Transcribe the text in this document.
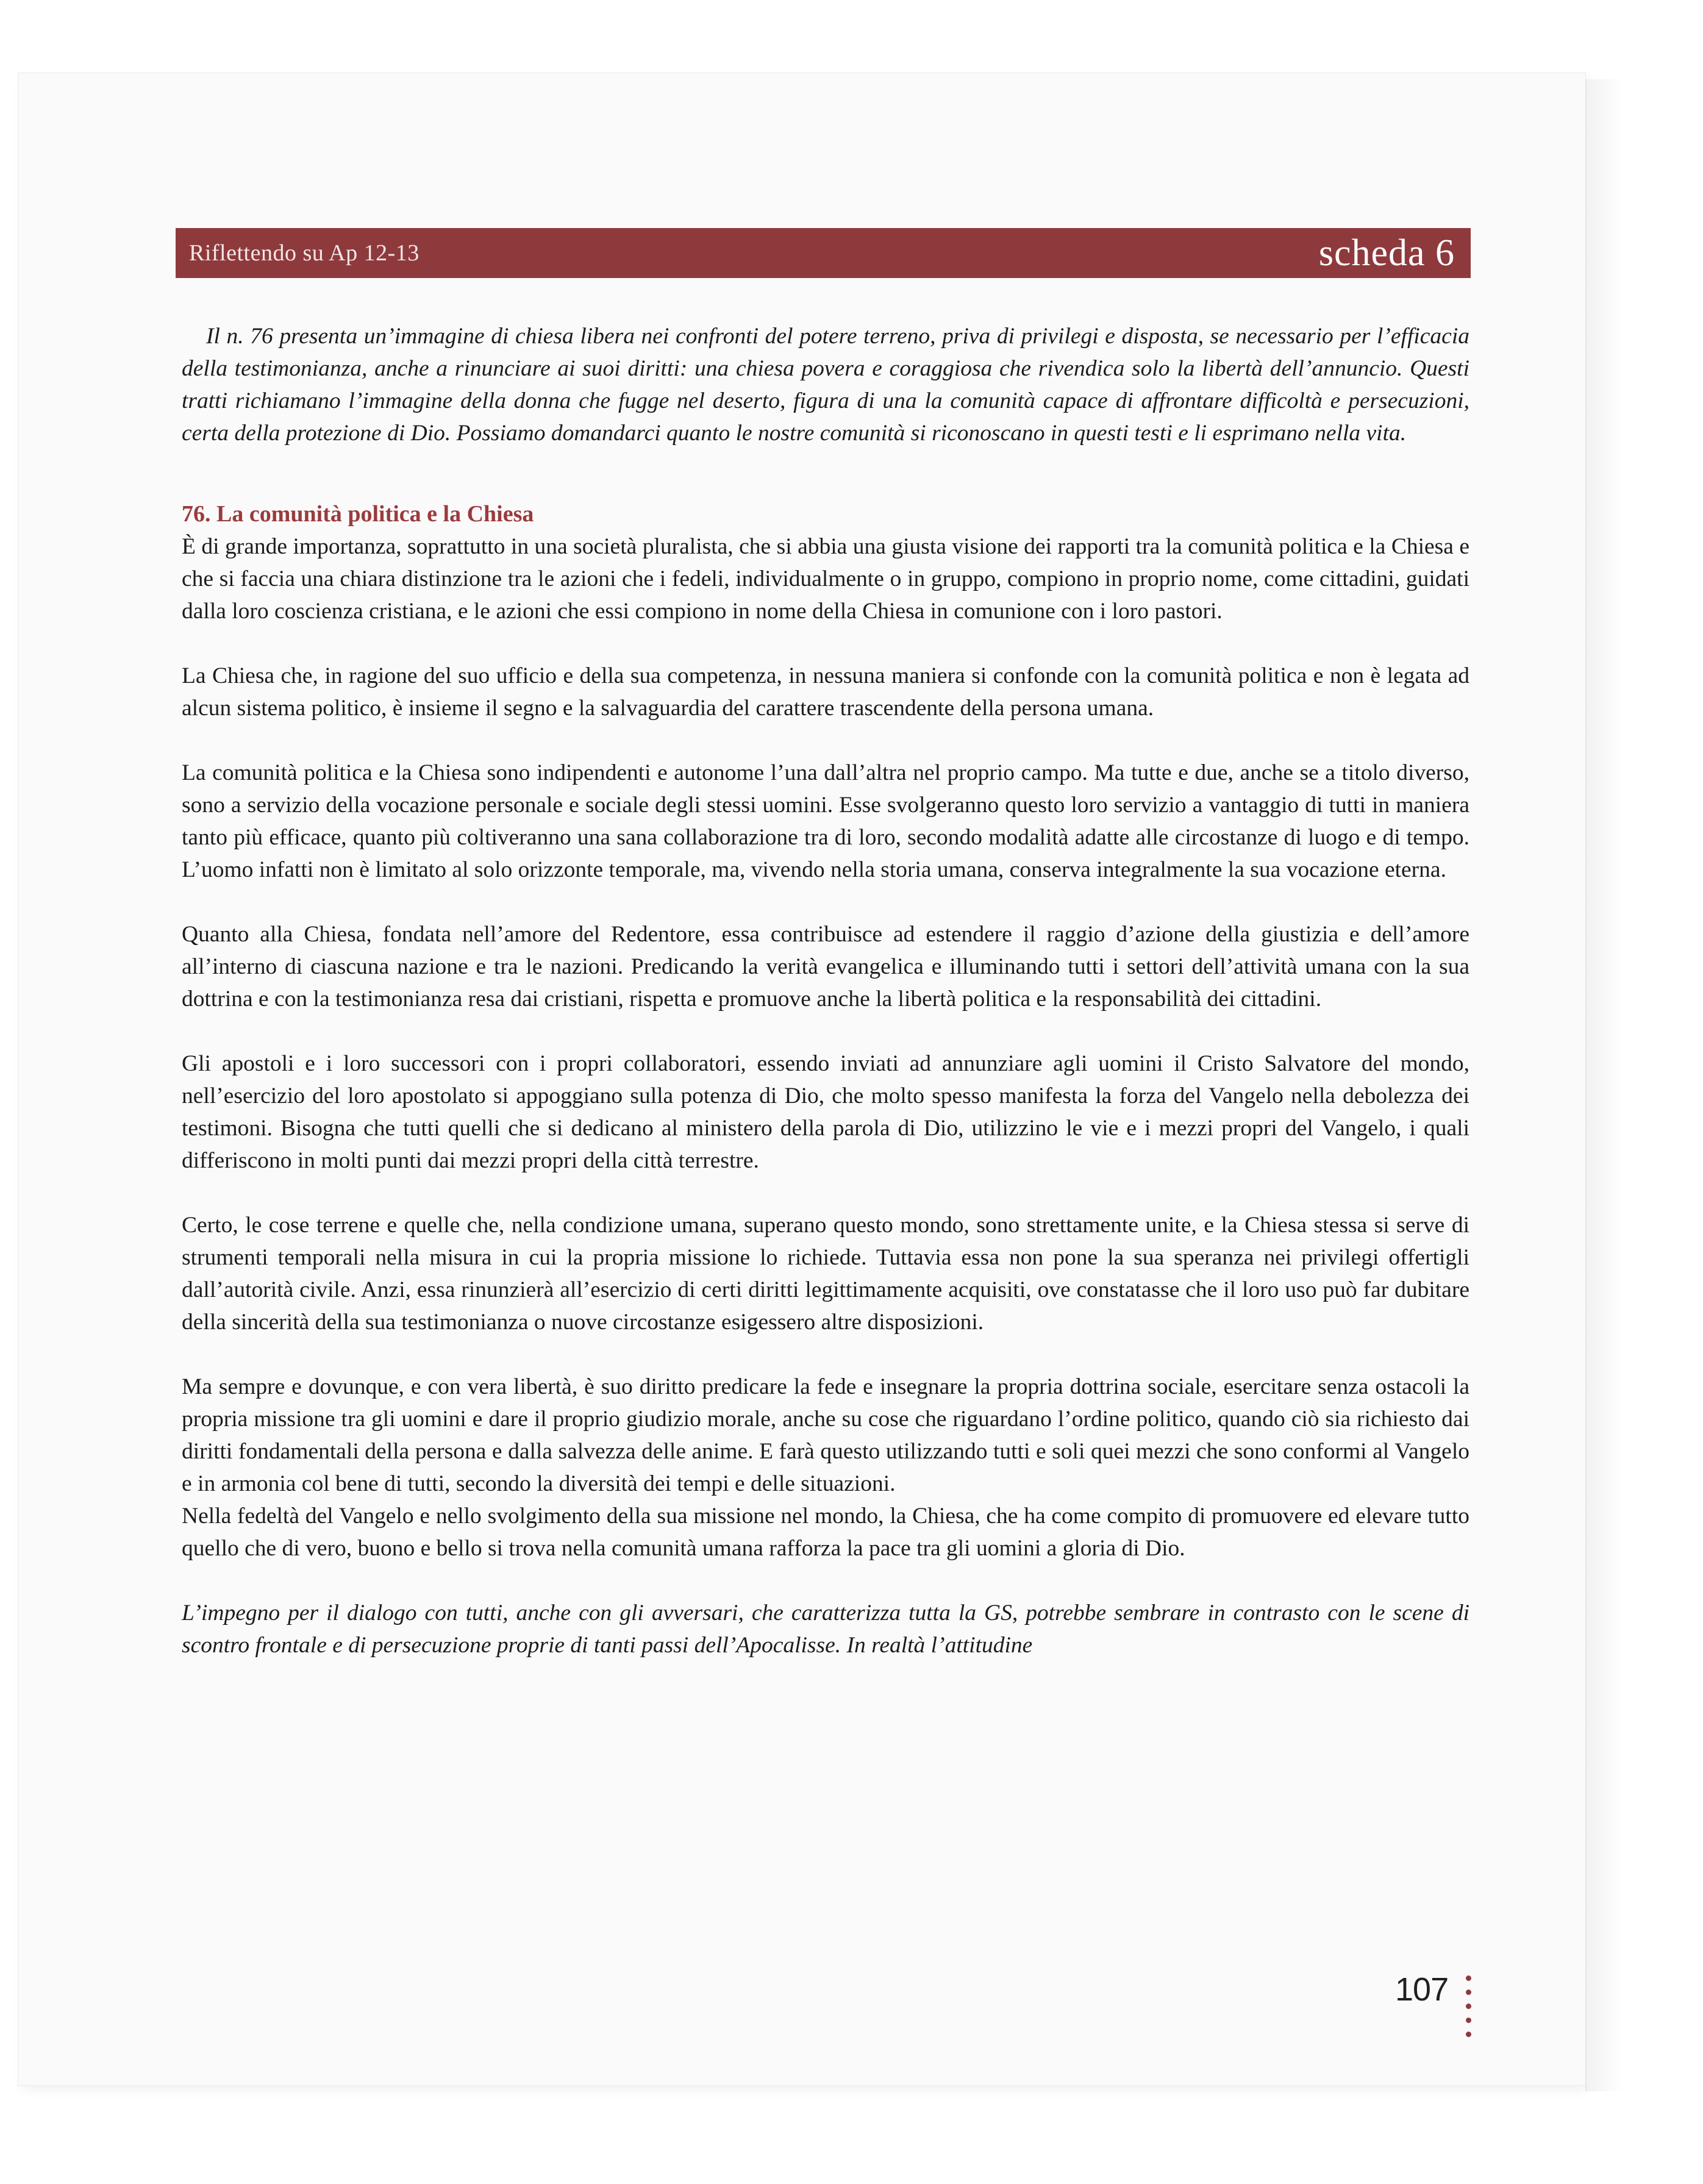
Riflettendo su Ap 12-13	scheda 6

Il n. 76 presenta un’immagine di chiesa libera nei confronti del potere terreno, priva di privilegi e disposta, se necessario per l’efficacia della testimonianza, anche a rinunciare ai suoi diritti: una chiesa povera e coraggiosa che rivendica solo la libertà dell’annuncio. Questi tratti richiamano l’immagine della donna che fugge nel deserto, figura di una la comunità capace di affrontare difficoltà e persecuzioni, certa della protezione di Dio. Possiamo domandarci quanto le nostre comunità si riconoscano in questi testi e li esprimano nella vita.

76. La comunità politica e la Chiesa

È di grande importanza, soprattutto in una società pluralista, che si abbia una giusta visione dei rapporti tra la comunità politica e la Chiesa e che si faccia una chiara distinzione tra le azioni che i fedeli, individualmente o in gruppo, compiono in proprio nome, come cittadini, guidati dalla loro coscienza cristiana, e le azioni che essi compiono in nome della Chiesa in comunione con i loro pastori.

La Chiesa che, in ragione del suo ufficio e della sua competenza, in nessuna maniera si confonde con la comunità politica e non è legata ad alcun sistema politico, è insieme il segno e la salvaguardia del carattere trascendente della persona umana.

La comunità politica e la Chiesa sono indipendenti e autonome l’una dall’altra nel proprio campo. Ma tutte e due, anche se a titolo diverso, sono a servizio della vocazione personale e sociale degli stessi uomini. Esse svolgeranno questo loro servizio a vantaggio di tutti in maniera tanto più efficace, quanto più coltiveranno una sana collaborazione tra di loro, secondo modalità adatte alle circostanze di luogo e di tempo. L’uomo infatti non è limitato al solo orizzonte temporale, ma, vivendo nella storia umana, conserva integralmente la sua vocazione eterna.

Quanto alla Chiesa, fondata nell’amore del Redentore, essa contribuisce ad estendere il raggio d’azione della giustizia e dell’amore all’interno di ciascuna nazione e tra le nazioni. Predicando la verità evangelica e illuminando tutti i settori dell’attività umana con la sua dottrina e con la testimonianza resa dai cristiani, rispetta e promuove anche la libertà politica e la responsabilità dei cittadini.

Gli apostoli e i loro successori con i propri collaboratori, essendo inviati ad annunziare agli uomini il Cristo Salvatore del mondo, nell’esercizio del loro apostolato si appoggiano sulla potenza di Dio, che molto spesso manifesta la forza del Vangelo nella debolezza dei testimoni. Bisogna che tutti quelli che si dedicano al ministero della parola di Dio, utilizzino le vie e i mezzi propri del Vangelo, i quali differiscono in molti punti dai mezzi propri della città terrestre.

Certo, le cose terrene e quelle che, nella condizione umana, superano questo mondo, sono strettamente unite, e la Chiesa stessa si serve di strumenti temporali nella misura in cui la propria missione lo richiede. Tuttavia essa non pone la sua speranza nei privilegi offertigli dall’autorità civile. Anzi, essa rinunzierà all’esercizio di certi diritti legittimamente acquisiti, ove constatasse che il loro uso può far dubitare della sincerità della sua testimonianza o nuove circostanze esigessero altre disposizioni.

Ma sempre e dovunque, e con vera libertà, è suo diritto predicare la fede e insegnare la propria dottrina sociale, esercitare senza ostacoli la propria missione tra gli uomini e dare il proprio giudizio morale, anche su cose che riguardano l’ordine politico, quando ciò sia richiesto dai diritti fondamentali della persona e dalla salvezza delle anime. E farà questo utilizzando tutti e soli quei mezzi che sono conformi al Vangelo e in armonia col bene di tutti, secondo la diversità dei tempi e delle situazioni.

Nella fedeltà del Vangelo e nello svolgimento della sua missione nel mondo, la Chiesa, che ha come compito di promuovere ed elevare tutto quello che di vero, buono e bello si trova nella comunità umana rafforza la pace tra gli uomini a gloria di Dio.

L’impegno per il dialogo con tutti, anche con gli avversari, che caratterizza tutta la GS, potrebbe sembrare in contrasto con le scene di scontro frontale e di persecuzione proprie di tanti passi dell’Apocalisse. In realtà l’attitudine

107
